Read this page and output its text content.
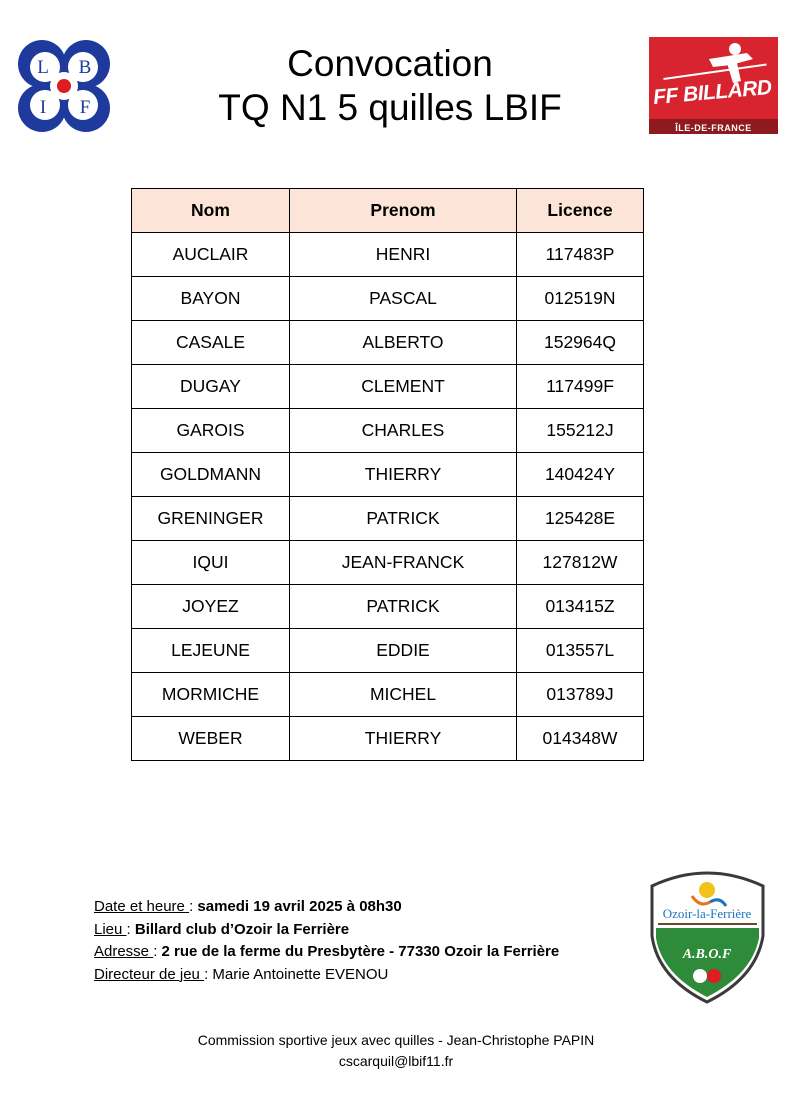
L B
I F
Convocation
TQ N1 5 quilles LBIF	FF BILLARD
ÎLE-DE-FRANCE
Nom	Prenom	Licence
AUCLAIR	HENRI	117483P
BAYON	PASCAL	012519N
CASALE	ALBERTO	152964Q
DUGAY	CLEMENT	117499F
GAROIS	CHARLES	155212J
GOLDMANN	THIERRY	140424Y
GRENINGER	PATRICK	125428E
IQUI	JEAN-FRANCK	127812W
JOYEZ	PATRICK	013415Z
LEJEUNE	EDDIE	013557L
MORMICHE	MICHEL	013789J
WEBER	THIERRY	014348W
Date et heure : samedi 19 avril 2025 à 08h30
Lieu : Billard club d’Ozoir la Ferrière
Adresse : 2 rue de la ferme du Presbytère - 77330 Ozoir la Ferrière
Directeur de jeu : Marie Antoinette EVENOU
Ozoir-la-Ferrière
A.B.O.F
Commission sportive jeux avec quilles - Jean-Christophe PAPIN
cscarquil@lbif11.fr
